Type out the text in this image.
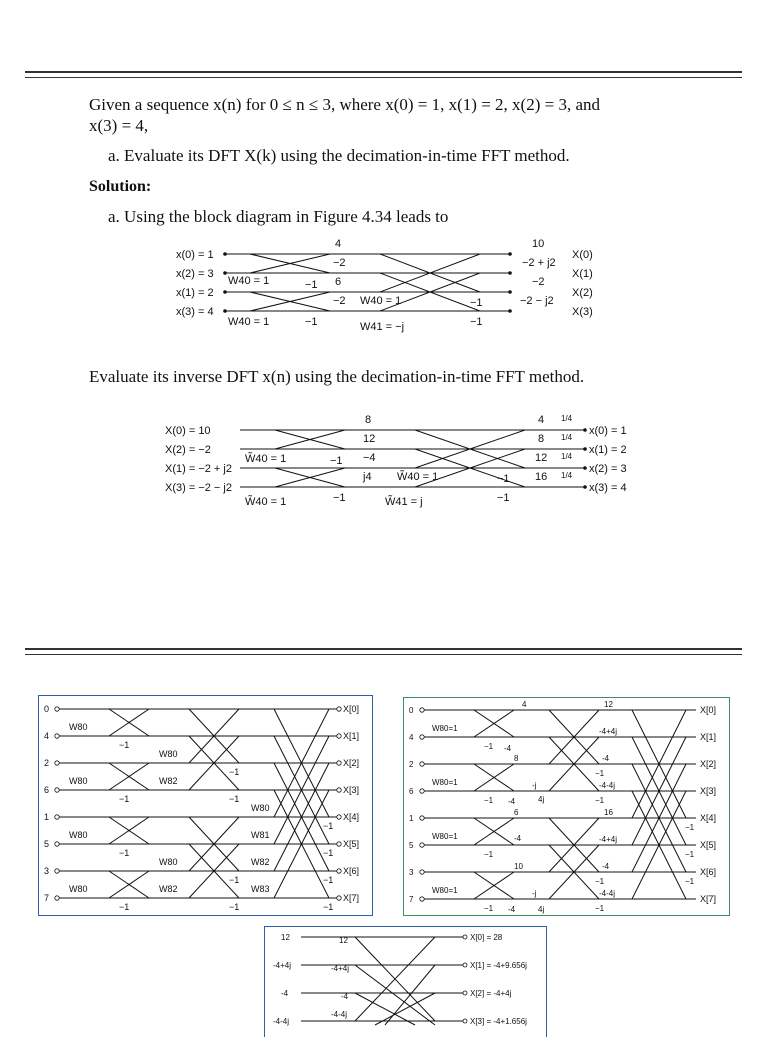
Given a sequence x(n) for 0 ≤ n ≤ 3, where x(0) = 1, x(1) = 2, x(2) = 3, and
x(3) = 4,
a. Evaluate its DFT X(k) using the decimation-in-time FFT method.
Solution:
a. Using the block diagram in Figure 4.34 leads to
x(0) = 1
x(2) = 3
x(1) = 2
x(3) = 4
4
−2
6
−2
W40 = 1
W40 = 1
W40 = 1
W41 = −j
−1
−1
−1
−1
10
−2 + j2
−2
−2 − j2
X(0)
X(1)
X(2)
X(3)
Evaluate its inverse DFT x(n) using the decimation-in-time FFT method.
X(0) = 10
X(2) = −2
X(1) = −2 + j2
X(3) = −2 − j2
8
12
−4
j4
W̃40 = 1
W̃40 = 1
W̃40 = 1
W̃41 = j
−1
−1
−1
−1
4
8
12
16
1/4
1/4
1/4
1/4
x(0) = 1
x(1) = 2
x(2) = 3
x(3) = 4
0
4
2
6
1
5
3
7
W80
W80
W80
W80
W80
W82
W80
W82
W80
W81
W82
W83
−1
−1
−1
−1
−1
−1
−1
−1
−1
−1
−1
−1
X[0]
X[1]
X[2]
X[3]
X[4]
X[5]
X[6]
X[7]
0
4
2
6
1
5
3
7
W80=1
W80=1
W80=1
W80=1
4
-4
8
-4
6
-4
10
-4
-j
4j
-j
4j
12
-4+4j
-4
-4-4j
16
-4+4j
-4
-4-4j
−1
−1
−1
−1
−1
−1
−1
−1
−1
−1
−1
X[0]
X[1]
X[2]
X[3]
X[4]
X[5]
X[6]
X[7]
12
-4+4j
-4
-4-4j
12
-4+4j
-4
-4-4j
X[0] = 28
X[1] = -4+9.656j
X[2] = -4+4j
X[3] = -4+1.656j
